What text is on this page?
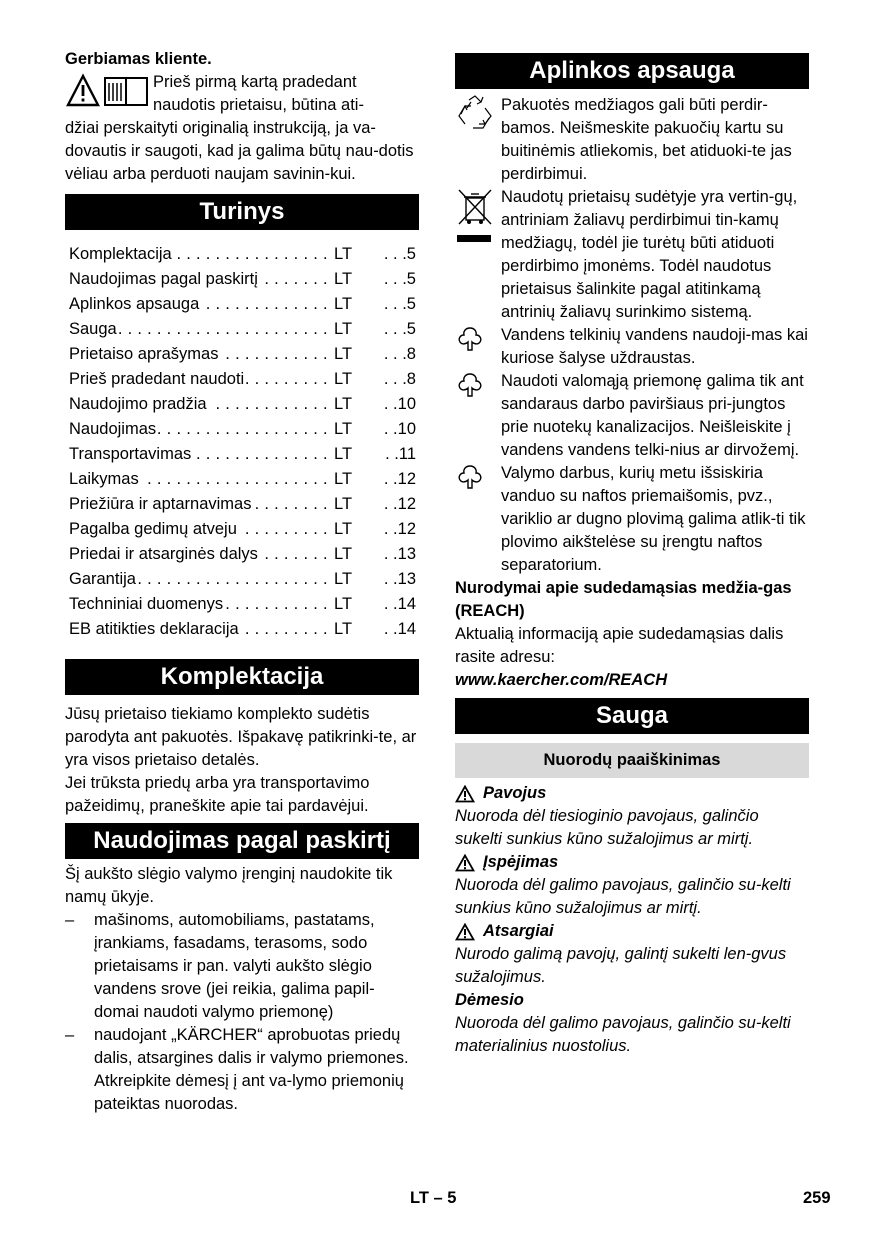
Gerbiamas kliente.

Prieš pirmą kartą pradedant

naudotis prietaisu, būtina ati-

džiai perskaityti originalią instrukciją, ja va-dovautis ir saugoti, kad ja galima būtų nau-dotis vėliau arba perduoti naujam savinin-kui.

Turinys
Komplektacija . . .	LT	. . .5
Naudojimas pagal paskirtį . . .	LT	. . .5
Aplinkos apsauga . . .	LT	. . .5
Sauga . . .	LT	. . .5
Prietaiso aprašymas . . .	LT	. . .8
Prieš pradedant naudoti . . .	LT	. . .8
Naudojimo pradžia . . .	LT	. .10
Naudojimas . . .	LT	. .10
Transportavimas . . .	LT	. .11
Laikymas . . .	LT	. .12
Priežiūra ir aptarnavimas . . .	LT	. .12
Pagalba gedimų atveju . . .	LT	. .12
Priedai ir atsarginės dalys . . .	LT	. .13
Garantija . . .	LT	. .13
Techniniai duomenys . . .	LT	. .14
EB atitikties deklaracija . . .	LT	. .14
Komplektacija

Jūsų prietaiso tiekiamo komplekto sudėtis parodyta ant pakuotės. Išpakavę patikrinki-te, ar yra visos prietaiso detalės.

Jei trūksta priedų arba yra transportavimo pažeidimų, praneškite apie tai pardavėjui.

Naudojimas pagal paskirtį

Šį aukšto slėgio valymo įrenginį naudokite tik namų ūkyje.

–	mašinoms, automobiliams, pastatams, įrankiams, fasadams, terasoms, sodo prietaisams ir pan. valyti aukšto slėgio vandens srove (jei reikia, galima papil-domai naudoti valymo priemonę)
–	naudojant „KÄRCHER“ aprobuotas priedų dalis, atsargines dalis ir valymo priemones. Atkreipkite dėmesį į ant va-lymo priemonių pateiktas nuorodas.
Aplinkos apsauga

Pakuotės medžiagos gali būti perdir-bamos. Neišmeskite pakuočių kartu su buitinėmis atliekomis, bet atiduoki-te jas perdirbimui.

Naudotų prietaisų sudėtyje yra vertin-gų, antriniam žaliavų perdirbimui tin-kamų medžiagų, todėl jie turėtų būti atiduoti perdirbimo įmonėms. Todėl naudotus prietaisus šalinkite pagal atitinkamą antrinių žaliavų surinkimo sistemą.

Vandens telkinių vandens naudoji-mas kai kuriose šalyse uždraustas.

Naudoti valomąją priemonę galima tik ant sandaraus darbo paviršiaus pri-jungtos prie nuotekų kanalizacijos. Neišleiskite į vandens vandens telki-nius ar dirvožemį.

Valymo darbus, kurių metu išsiskiria vanduo su naftos priemaišomis, pvz., variklio ar dugno plovimą galima atlik-ti tik plovimo aikštelėse su įrengtu naftos separatorium.

Nurodymai apie sudedamąsias medžia-gas (REACH)

Aktualią informaciją apie sudedamąsias dalis rasite adresu:

www.kaercher.com/REACH

Sauga
Nuorodų paaiškinimas
Pavojus

Nuoroda dėl tiesioginio pavojaus, galinčio sukelti sunkius kūno sužalojimus ar mirtį.

Įspėjimas

Nuoroda dėl galimo pavojaus, galinčio su-kelti sunkius kūno sužalojimus ar mirtį.

Atsargiai

Nurodo galimą pavojų, galintį sukelti len-gvus sužalojimus.

Dėmesio

Nuoroda dėl galimo pavojaus, galinčio su-kelti materialinius nuostolius.

LT – 5	259
